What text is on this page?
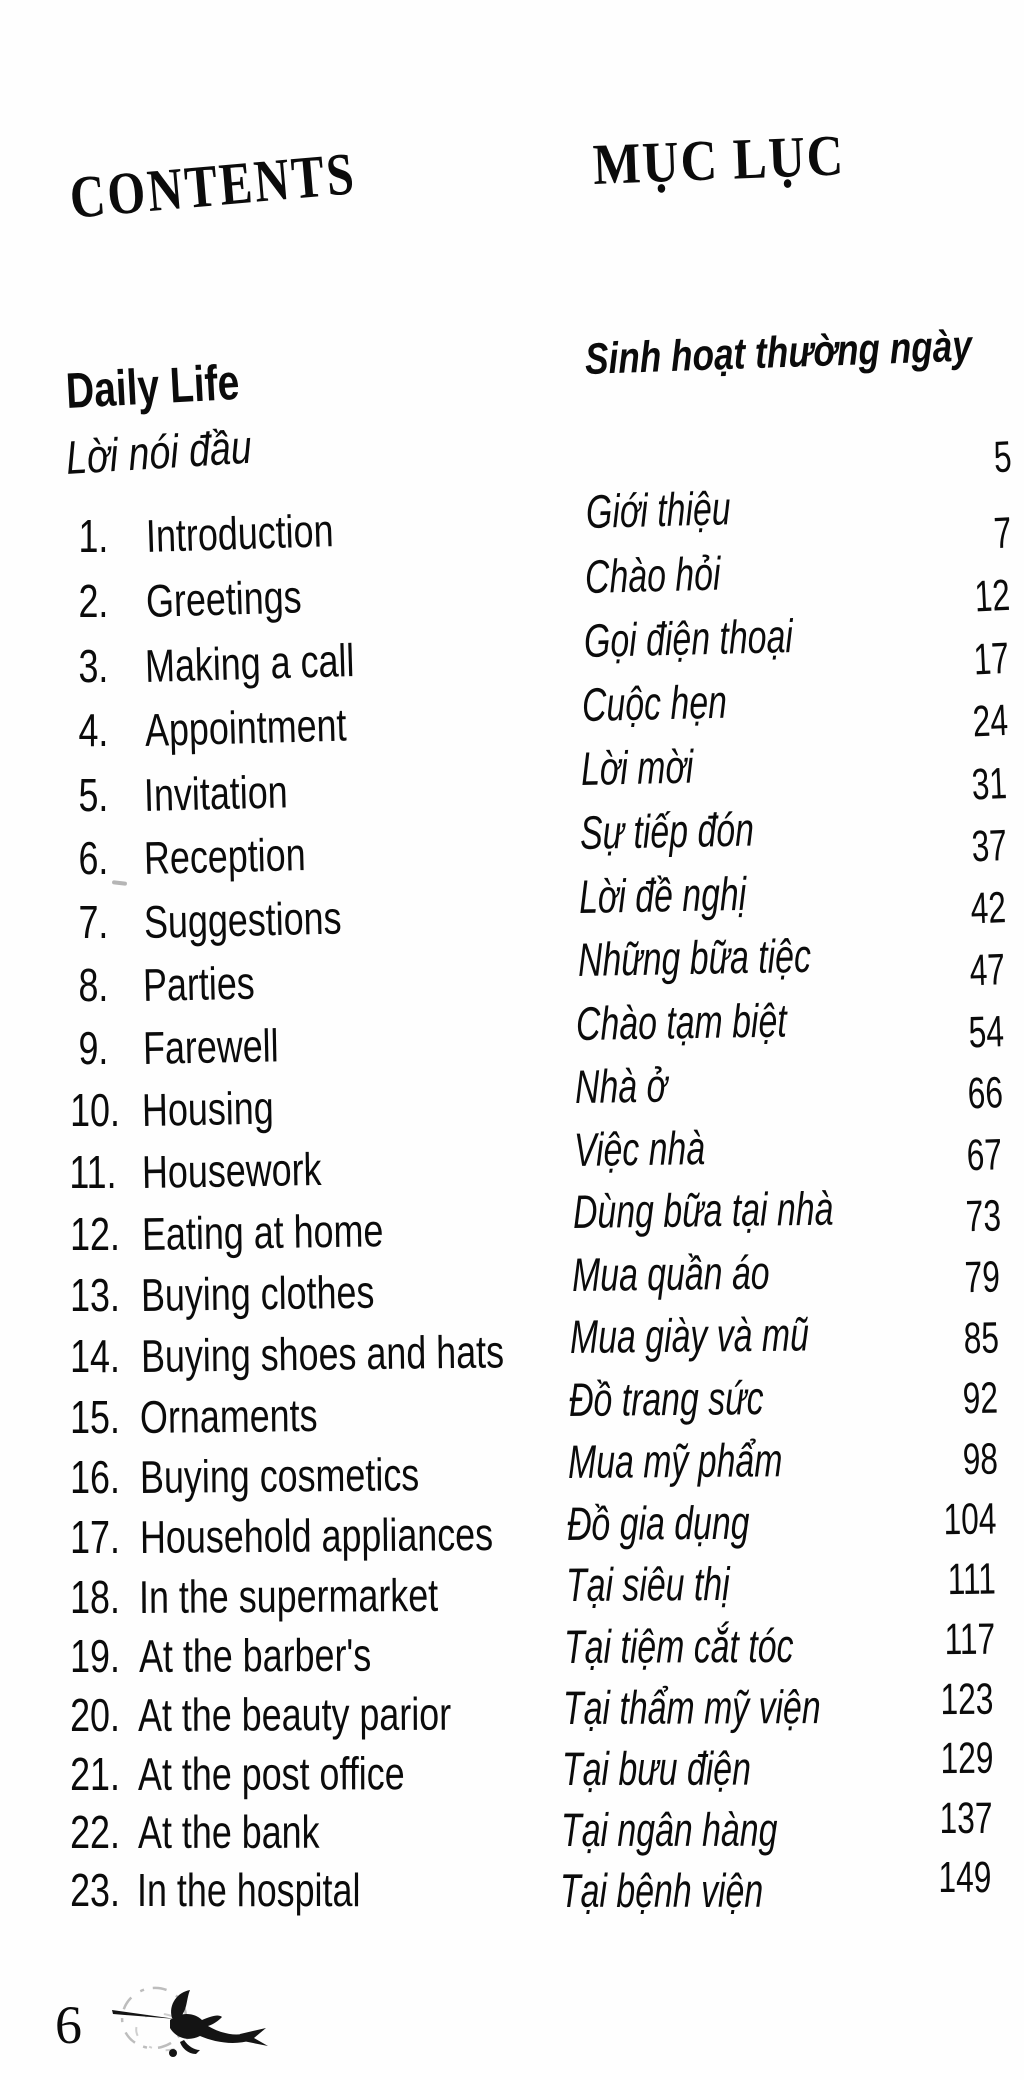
CONTENTS	MỤC LỤC
Daily Life
Sinh hoạt thường ngày
Lời nói đầu	5
1. Introduction	Giới thiệu	7
2. Greetings	Chào hỏi	12
3. Making a call	Gọi điện thoại	17
4. Appointment	Cuộc hẹn	24
5. Invitation	Lời mời	31
6. Reception	Sự tiếp đón	37
7. Suggestions	Lời đề nghị	42
8. Parties	Những bữa tiệc	47
9. Farewell	Chào tạm biệt	54
10. Housing	Nhà ở	66
11. Housework	Việc nhà	67
12. Eating at home	Dùng bữa tại nhà	73
13. Buying clothes	Mua quần áo	79
14. Buying shoes and hats	Mua giày và mũ	85
15. Ornaments	Đồ trang sức	92
16. Buying cosmetics	Mua mỹ phẩm	98
17. Household appliances	Đồ gia dụng	104
18. In the supermarket	Tại siêu thị	111
19. At the barber's	Tại tiệm cắt tóc	117
20. At the beauty parior	Tại thẩm mỹ viện	123
21. At the post office	Tại bưu điện	129
22. At the bank	Tại ngân hàng	137
23. In the hospital	Tại bệnh viện	149
6
